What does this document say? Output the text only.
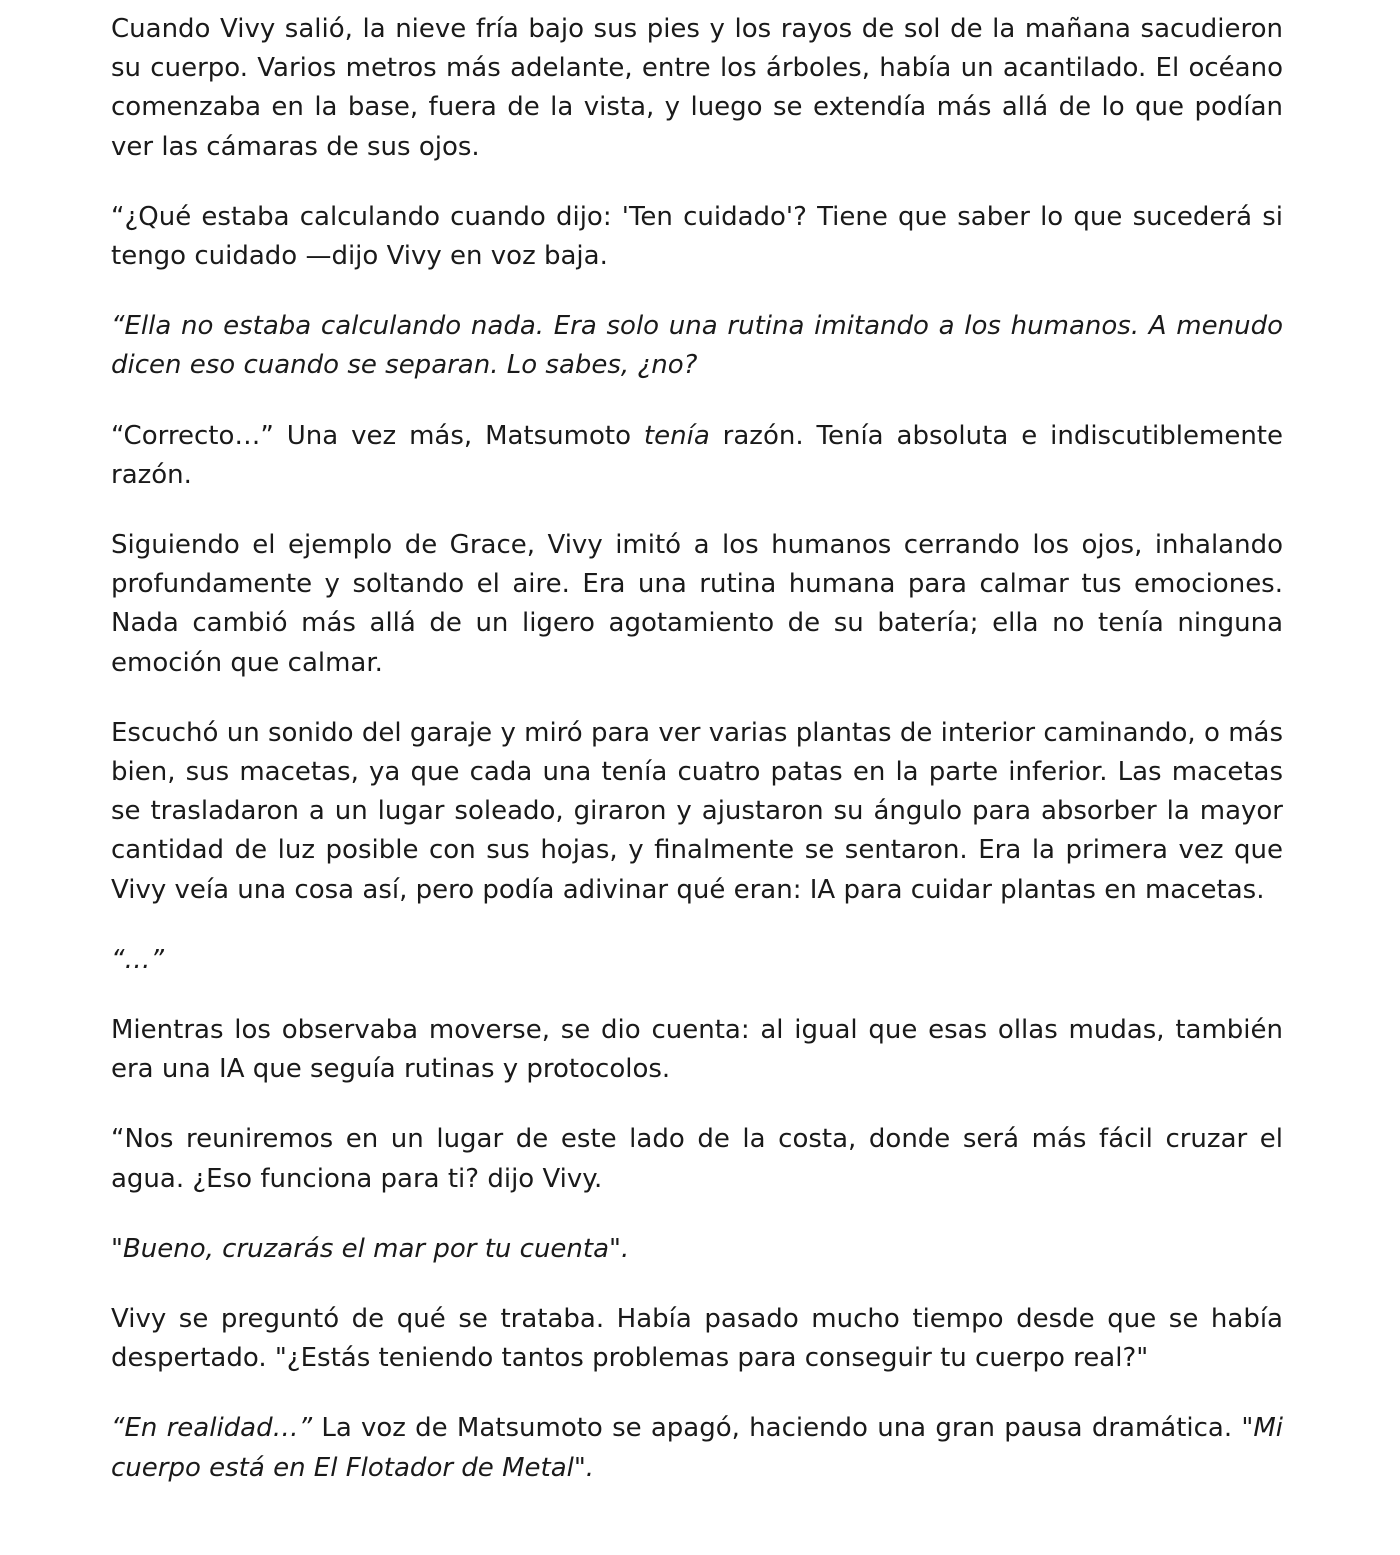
Cuando Vivy salió, la nieve fría bajo sus pies y los rayos de sol de la mañana sacudieron su cuerpo. Varios metros más adelante, entre los árboles, había un acantilado. El océano comenzaba en la base, fuera de la vista, y luego se extendía más allá de lo que podían ver las cámaras de sus ojos.

“¿Qué estaba calculando cuando dijo: 'Ten cuidado'? Tiene que saber lo que sucederá si tengo cuidado —dijo Vivy en voz baja.

“Ella no estaba calculando nada. Era solo una rutina imitando a los humanos. A menudo dicen eso cuando se separan. Lo sabes, ¿no?

“Correcto…” Una vez más, Matsumoto tenía razón. Tenía absoluta e indiscutiblemente razón.

Siguiendo el ejemplo de Grace, Vivy imitó a los humanos cerrando los ojos, inhalando profundamente y soltando el aire. Era una rutina humana para calmar tus emociones. Nada cambió más allá de un ligero agotamiento de su batería; ella no tenía ninguna emoción que calmar.

Escuchó un sonido del garaje y miró para ver varias plantas de interior caminando, o más bien, sus macetas, ya que cada una tenía cuatro patas en la parte inferior. Las macetas se trasladaron a un lugar soleado, giraron y ajustaron su ángulo para absorber la mayor cantidad de luz posible con sus hojas, y finalmente se sentaron. Era la primera vez que Vivy veía una cosa así, pero podía adivinar qué eran: IA para cuidar plantas en macetas.

“…”

Mientras los observaba moverse, se dio cuenta: al igual que esas ollas mudas, también era una IA que seguía rutinas y protocolos.

“Nos reuniremos en un lugar de este lado de la costa, donde será más fácil cruzar el agua. ¿Eso funciona para ti? dijo Vivy.

"Bueno, cruzarás el mar por tu cuenta".

Vivy se preguntó de qué se trataba. Había pasado mucho tiempo desde que se había despertado. "¿Estás teniendo tantos problemas para conseguir tu cuerpo real?"

“En realidad…” La voz de Matsumoto se apagó, haciendo una gran pausa dramática. "Mi cuerpo está en El Flotador de Metal".
